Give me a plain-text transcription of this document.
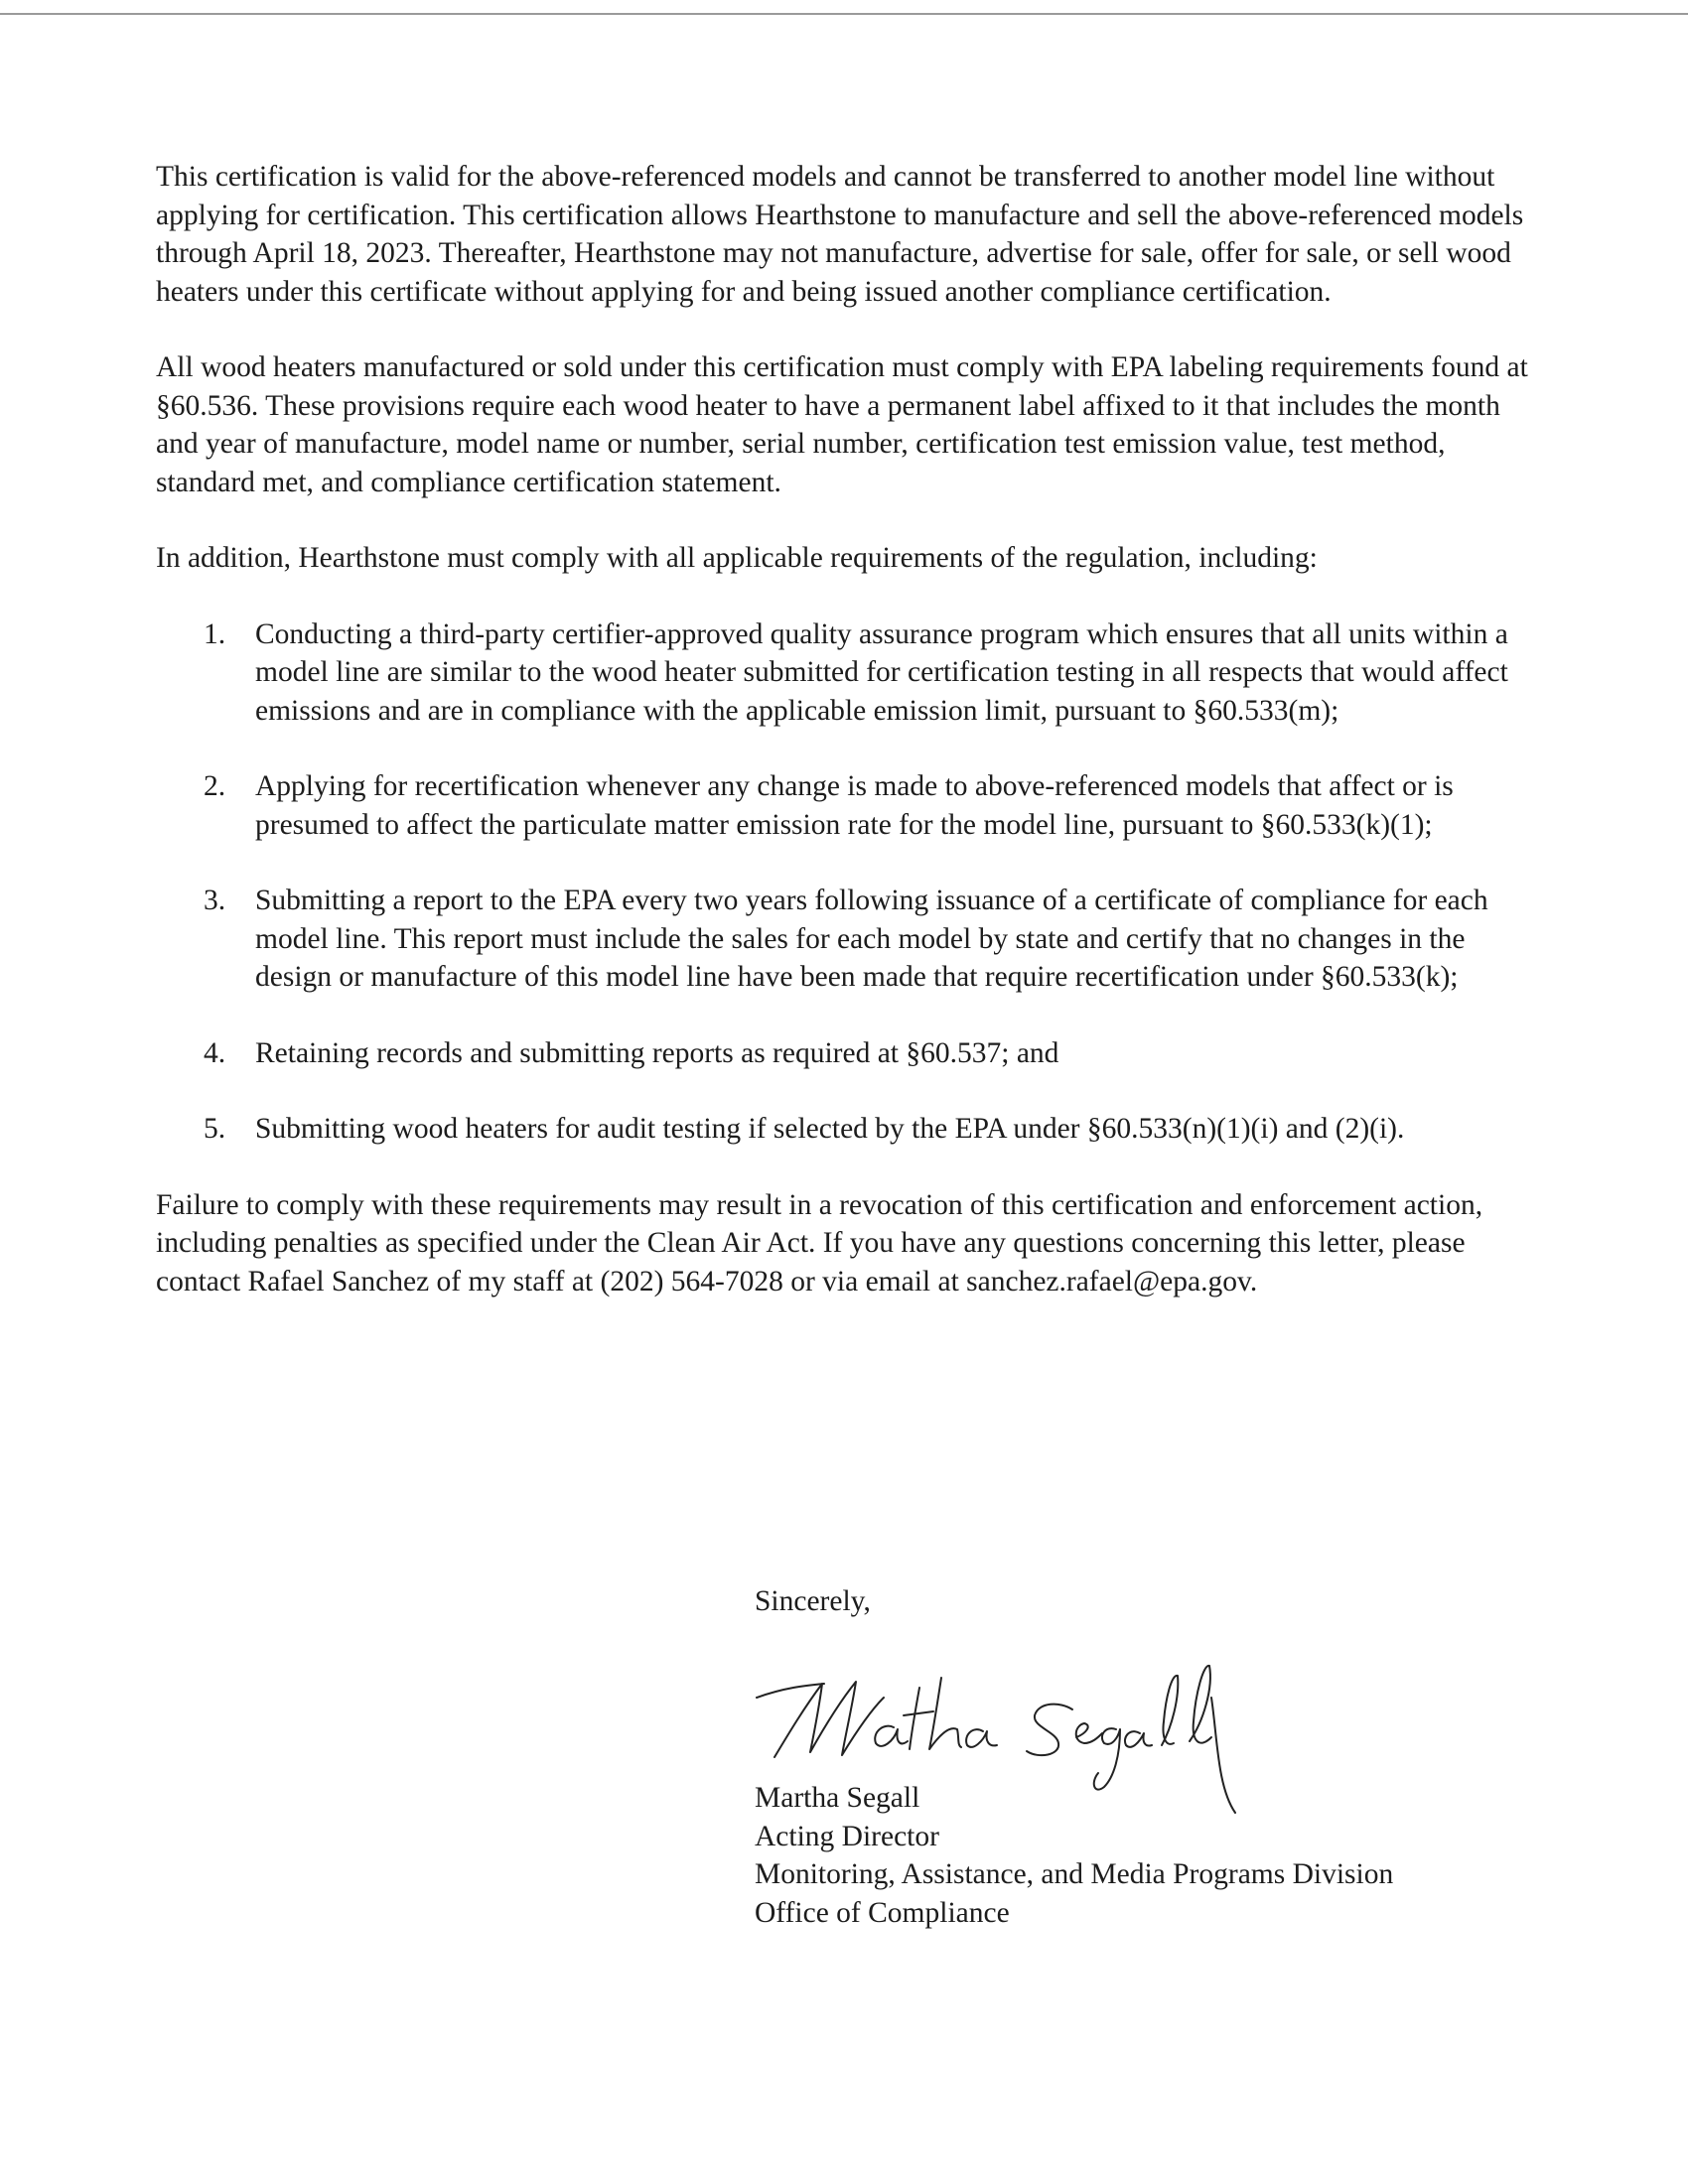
This certification is valid for the above-referenced models and cannot be transferred to another model line without applying for certification. This certification allows Hearthstone to manufacture and sell the above-referenced models through April 18, 2023. Thereafter, Hearthstone may not manufacture, advertise for sale, offer for sale, or sell wood heaters under this certificate without applying for and being issued another compliance certification.

All wood heaters manufactured or sold under this certification must comply with EPA labeling requirements found at §60.536. These provisions require each wood heater to have a permanent label affixed to it that includes the month and year of manufacture, model name or number, serial number, certification test emission value, test method, standard met, and compliance certification statement.

In addition, Hearthstone must comply with all applicable requirements of the regulation, including:

1. Conducting a third-party certifier-approved quality assurance program which ensures that all units within a model line are similar to the wood heater submitted for certification testing in all respects that would affect emissions and are in compliance with the applicable emission limit, pursuant to §60.533(m);
2. Applying for recertification whenever any change is made to above-referenced models that affect or is presumed to affect the particulate matter emission rate for the model line, pursuant to §60.533(k)(1);
3. Submitting a report to the EPA every two years following issuance of a certificate of compliance for each model line. This report must include the sales for each model by state and certify that no changes in the design or manufacture of this model line have been made that require recertification under §60.533(k);
4. Retaining records and submitting reports as required at §60.537; and
5. Submitting wood heaters for audit testing if selected by the EPA under §60.533(n)(1)(i) and (2)(i).

Failure to comply with these requirements may result in a revocation of this certification and enforcement action, including penalties as specified under the Clean Air Act. If you have any questions concerning this letter, please contact Rafael Sanchez of my staff at (202) 564-7028 or via email at sanchez.rafael@epa.gov.

Sincerely,
Martha Segall
Acting Director
Monitoring, Assistance, and Media Programs Division
Office of Compliance
